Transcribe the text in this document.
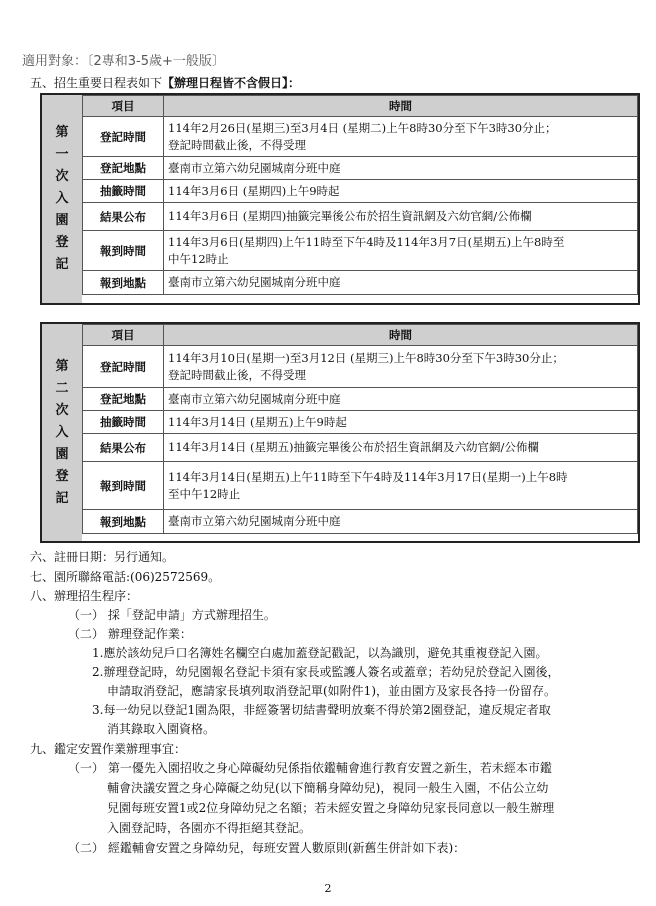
適用對象：〔2專和3-5歲+一般版〕
五、招生重要日程表如下【辦理日程皆不含假日】：
第
一
次
入
園
登
記
項目	時間
登記時間	114年2月26日(星期三)至3月4日 (星期二)上午8時30分至下午3時30分止；
登記時間截止後，不得受理

登記地點	臺南市立第六幼兒園城南分班中庭
抽籤時間	114年3月6日 (星期四)上午9時起
結果公布	114年3月6日 (星期四)抽籤完畢後公布於招生資訊網及六幼官網/公佈欄
報到時間	114年3月6日(星期四)上午11時至下午4時及114年3月7日(星期五)上午8時至
中午12時止

報到地點	臺南市立第六幼兒園城南分班中庭
第
二
次
入
園
登
記
項目	時間
登記時間	114年3月10日(星期一)至3月12日 (星期三)上午8時30分至下午3時30分止；
登記時間截止後，不得受理

登記地點	臺南市立第六幼兒園城南分班中庭
抽籤時間	114年3月14日 (星期五)上午9時起
結果公布	114年3月14日 (星期五)抽籤完畢後公布於招生資訊網及六幼官網/公佈欄
報到時間	114年3月14日(星期五)上午11時至下午4時及114年3月17日(星期一)上午8時
至中午12時止

報到地點	臺南市立第六幼兒園城南分班中庭
六、註冊日期：另行通知。
七、園所聯絡電話:(06)2572569。
八、辦理招生程序：
（一） 採「登記申請」方式辦理招生。
（二） 辦理登記作業：
1.應於該幼兒戶口名簿姓名欄空白處加蓋登記戳記，以為識別，避免其重複登記入園。
2.辦理登記時，幼兒園報名登記卡須有家長或監護人簽名或蓋章；若幼兒於登記入園後，
申請取消登記，應請家長填列取消登記單(如附件1)，並由園方及家長各持一份留存。
3.每一幼兒以登記1園為限，非經簽署切結書聲明放棄不得於第2園登記，違反規定者取
消其錄取入園資格。
九、鑑定安置作業辦理事宜：
（一） 第一優先入園招收之身心障礙幼兒係指依鑑輔會進行教育安置之新生，若未經本市鑑
輔會決議安置之身心障礙之幼兒(以下簡稱身障幼兒)，視同一般生入園，不佔公立幼
兒園每班安置1或2位身障幼兒之名額；若未經安置之身障幼兒家長同意以一般生辦理
入園登記時，各園亦不得拒絕其登記。
（二） 經鑑輔會安置之身障幼兒，每班安置人數原則(新舊生併計如下表)：
2
